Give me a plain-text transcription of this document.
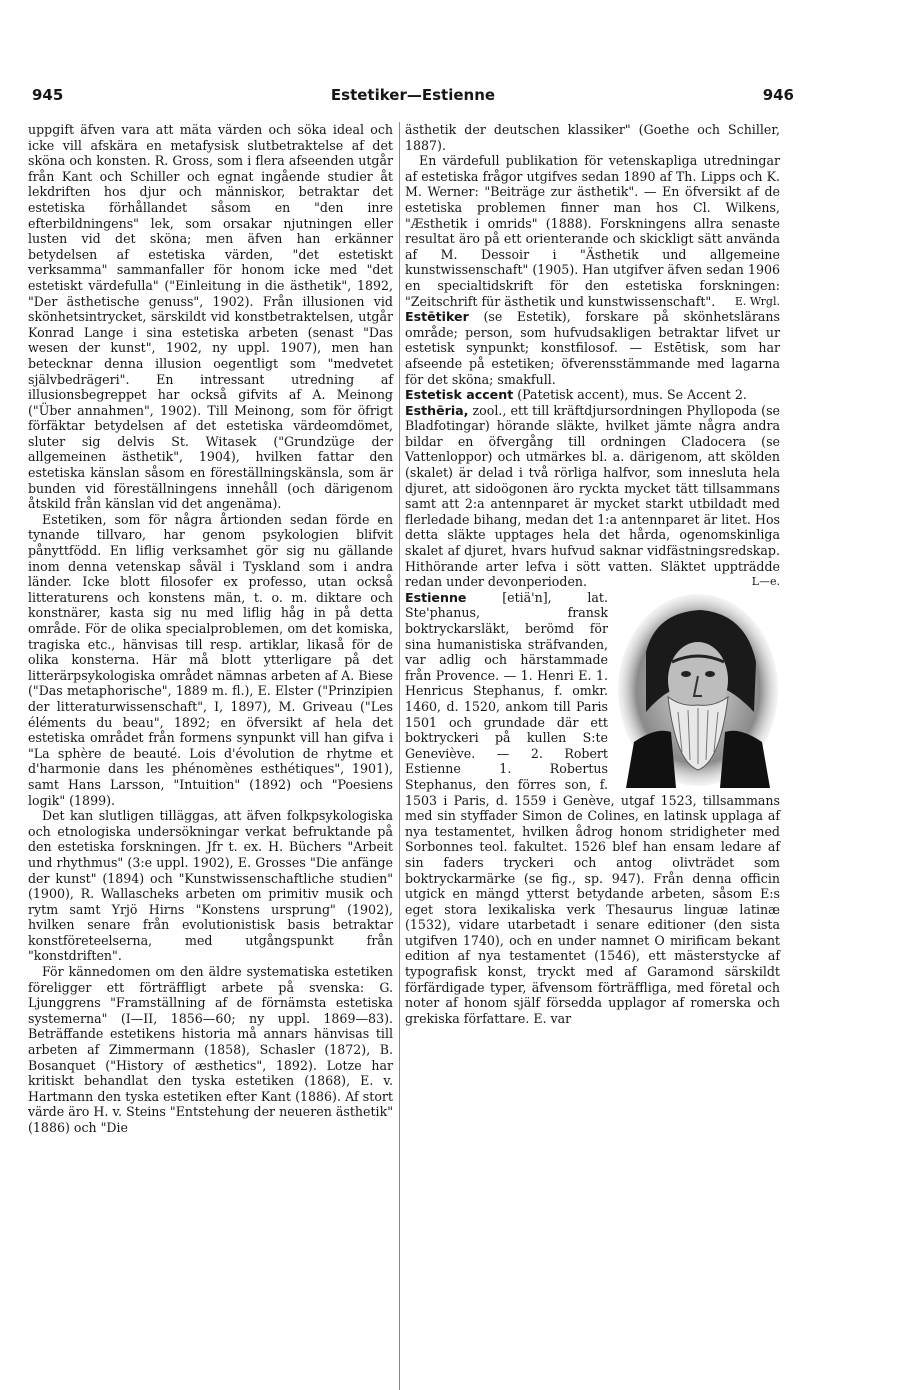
945	Estetiker—Estienne	946

uppgift äfven vara att mäta värden och söka ideal och icke vill afskära en metafysisk slutbetraktelse af det sköna och konsten. R. Gross, som i flera afseenden utgår från Kant och Schiller och egnat ingående studier åt lekdriften hos djur och människor, betraktar det estetiska förhållandet såsom en "den inre efterbildningens" lek, som orsakar njutningen eller lusten vid det sköna; men äfven han erkänner betydelsen af estetiska värden, "det estetiskt verksamma" sammanfaller för honom icke med "det estetiskt värdefulla" ("Einleitung in die ästhetik", 1892, "Der ästhetische genuss", 1902). Från illusionen vid skönhetsintrycket, särskildt vid konstbetraktelsen, utgår Konrad Lange i sina estetiska arbeten (senast "Das wesen der kunst", 1902, ny uppl. 1907), men han betecknar denna illusion oegentligt som "medvetet självbedrägeri". En intressant utredning af illusionsbegreppet har också gifvits af A. Meinong ("Über annahmen", 1902). Till Meinong, som för öfrigt förfäktar betydelsen af det estetiska värdeomdömet, sluter sig delvis St. Witasek ("Grundzüge der allgemeinen ästhetik", 1904), hvilken fattar den estetiska känslan såsom en föreställningskänsla, som är bunden vid föreställningens innehåll (och därigenom åtskild från känslan vid det angenäma).

Estetiken, som för några årtionden sedan förde en tynande tillvaro, har genom psykologien blifvit pånyttfödd. En liflig verksamhet gör sig nu gällande inom denna vetenskap såväl i Tyskland som i andra länder. Icke blott filosofer ex professo, utan också litteraturens och konstens män, t. o. m. diktare och konstnärer, kasta sig nu med liflig håg in på detta område. För de olika specialproblemen, om det komiska, tragiska etc., hänvisas till resp. artiklar, likaså för de olika konsterna. Här må blott ytterligare på det litterärpsykologiska området nämnas arbeten af A. Biese ("Das metaphorische", 1889 m. fl.), E. Elster ("Prinzipien der litteraturwissenschaft", I, 1897), M. Griveau ("Les éléments du beau", 1892; en öfversikt af hela det estetiska området från formens synpunkt vill han gifva i "La sphère de beauté. Lois d'évolution de rhytme et d'harmonie dans les phénomènes esthétiques", 1901), samt Hans Larsson, "Intuition" (1892) och "Poesiens logik" (1899).

Det kan slutligen tilläggas, att äfven folkpsykologiska och etnologiska undersökningar verkat befruktande på den estetiska forskningen. Jfr t. ex. H. Büchers "Arbeit und rhythmus" (3:e uppl. 1902), E. Grosses "Die anfänge der kunst" (1894) och "Kunstwissenschaftliche studien" (1900), R. Wallascheks arbeten om primitiv musik och rytm samt Yrjö Hirns "Konstens ursprung" (1902), hvilken senare från evolutionistisk basis betraktar konstföreteelserna, med utgångspunkt från "konstdriften".

För kännedomen om den äldre systematiska estetiken föreligger ett förträffligt arbete på svenska: G. Ljunggrens "Framställning af de förnämsta estetiska systemerna" (I—II, 1856—60; ny uppl. 1869—83). Beträffande estetikens historia må annars hänvisas till arbeten af Zimmermann (1858), Schasler (1872), B. Bosanquet ("History of æsthetics", 1892). Lotze har kritiskt behandlat den tyska estetiken (1868), E. v. Hartmann den tyska estetiken efter Kant (1886). Af stort värde äro H. v. Steins "Entstehung der neueren ästhetik" (1886) och "Die

ästhetik der deutschen klassiker" (Goethe och Schiller, 1887).

En värdefull publikation för vetenskapliga utredningar af estetiska frågor utgifves sedan 1890 af Th. Lipps och K. M. Werner: "Beiträge zur ästhetik". — En öfversikt af de estetiska problemen finner man hos Cl. Wilkens, "Æsthetik i omrids" (1888). Forskningens allra senaste resultat äro på ett orienterande och skickligt sätt använda af M. Dessoir i "Ästhetik und allgemeine kunstwissenschaft" (1905). Han utgifver äfven sedan 1906 en specialtidskrift för den estetiska forskningen: "Zeitschrift für ästhetik und kunstwissenschaft".	E. Wrgl.

Estētiker (se Estetik), forskare på skönhetslärans område; person, som hufvudsakligen betraktar lifvet ur estetisk synpunkt; konstfilosof. — Estētisk, som har afseende på estetiken; öfverensstämmande med lagarna för det sköna; smakfull.

Estetisk accent (Patetisk accent), mus. Se Accent 2.

Esthēria, zool., ett till kräftdjursordningen Phyllopoda (se Bladfotingar) hörande släkte, hvilket jämte några andra bildar en öfvergång till ordningen Cladocera (se Vattenloppor) och utmärkes bl. a. därigenom, att skölden (skalet) är delad i två rörliga halfvor, som innesluta hela djuret, att sidoögonen äro ryckta mycket tätt tillsammans samt att 2:a antennparet är mycket starkt utbildadt med flerledade bihang, medan det 1:a antennparet är litet. Hos detta släkte upptages hela det hårda, ogenomskinliga skalet af djuret, hvars hufvud saknar vidfästningsredskap. Hithörande arter lefva i sött vatten. Släktet uppträdde redan under devonperioden.	L—e.

Estienne	[etiä'n], lat. Ste'phanus, fransk boktryckarsläkt, berömd för sina humanistiska sträfvanden, var adlig och härstammade från Provence. — 1. Henri E. 1. Henricus Stephanus, f. omkr. 1460, d. 1520, ankom till Paris 1501 och grundade där ett boktryckeri på kullen S:te Geneviève. — 2. Robert Estienne 1. Robertus Stephanus, den förres son, f. 1503 i Paris, d. 1559 i Genève, utgaf 1523, tillsammans med sin styffader Simon de Colines, en latinsk upplaga af nya testamentet, hvilken ådrog honom stridigheter med Sorbonnes teol. fakultet. 1526 blef han ensam ledare af sin faders tryckeri och antog olivträdet som boktryckarmärke (se fig., sp. 947). Från denna officin utgick en mängd ytterst betydande arbeten, såsom E:s eget stora lexikaliska verk Thesaurus linguæ latinæ (1532), vidare utarbetadt i senare editioner (den sista utgifven 1740), och en under namnet O mirificam bekant edition af nya testamentet (1546), ett mästerstycke af typografisk konst, tryckt med af Garamond särskildt förfärdigade typer, äfvensom förträffliga, med företal och noter af honom själf försedda upplagor af romerska och grekiska författare. E. var
